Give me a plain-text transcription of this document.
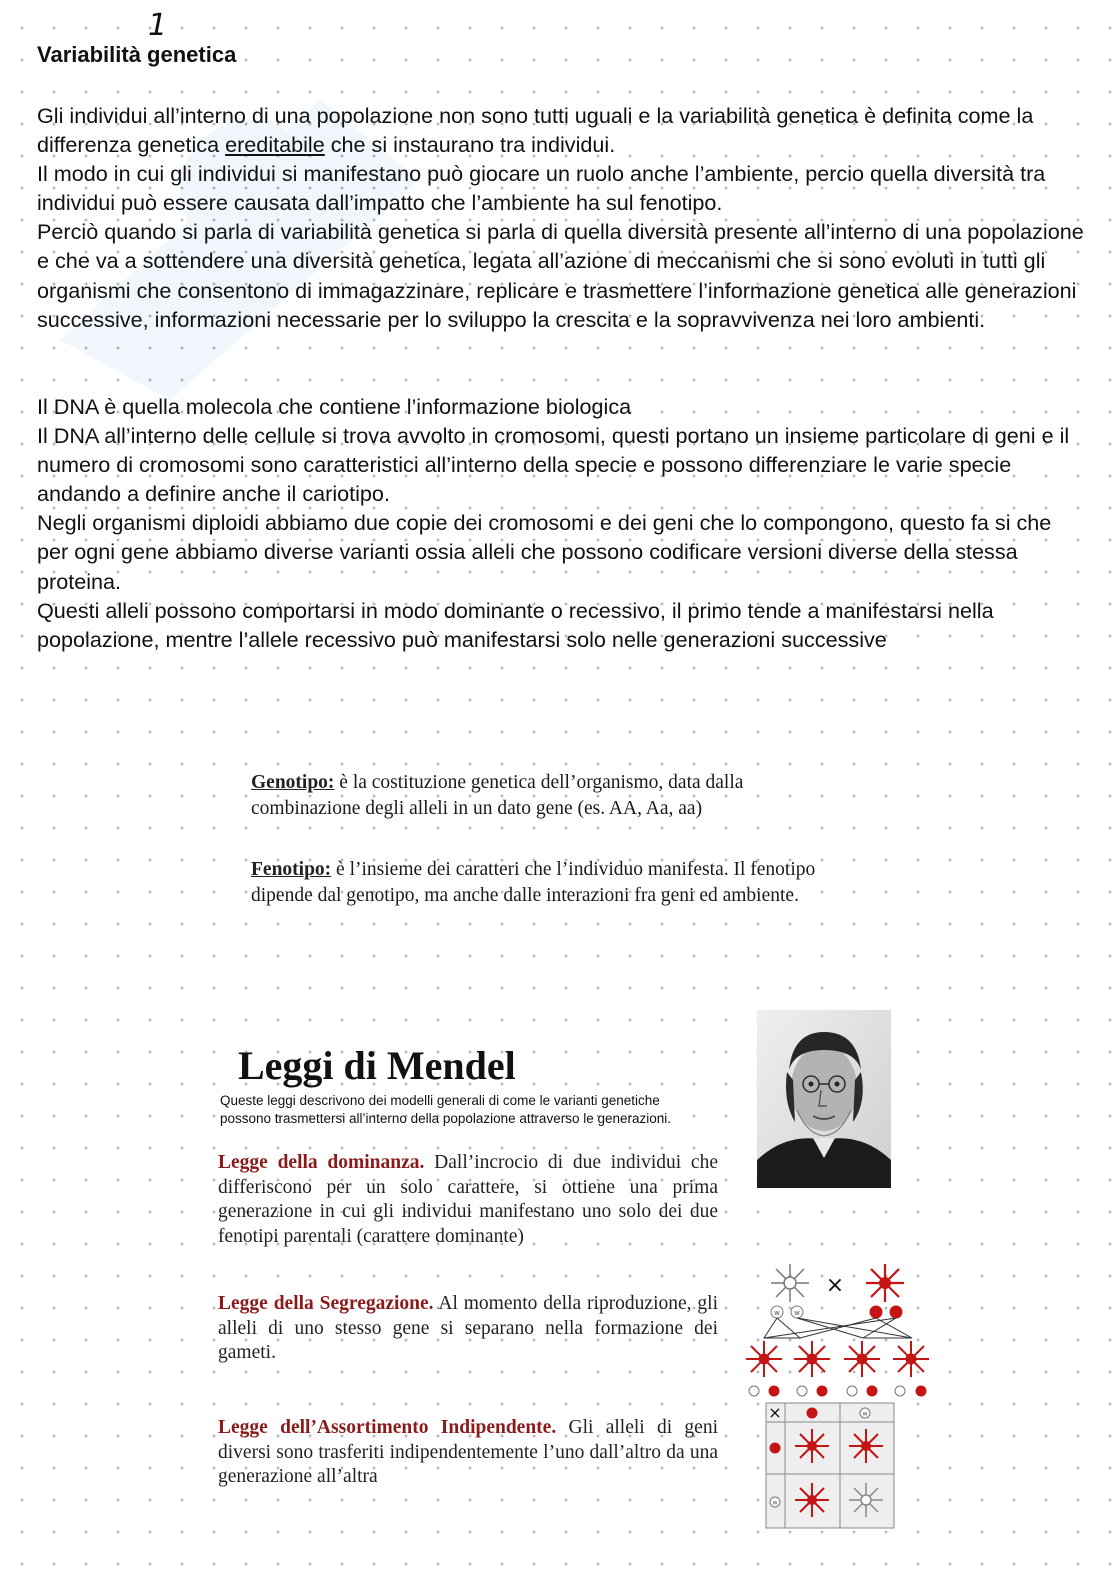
1
Variabilità genetica

Gli individui all’interno di una popolazione non sono tutti uguali e la variabilità genetica è definita come la differenza genetica ereditabile che si instaurano tra individui.

Il modo in cui gli individui si manifestano può giocare un ruolo anche l’ambiente, percio quella diversità tra individui può essere causata dall’impatto che l’ambiente ha sul fenotipo.

Perciò quando si parla di variabilità genetica si parla di quella diversità presente all’interno di una popolazione e che va a sottendere una diversità genetica, legata all’azione di meccanismi che si sono evoluti in tutti gli organismi che consentono di immagazzinare, replicare e trasmettere l’informazione genetica alle generazioni successive, informazioni necessarie per lo sviluppo la crescita e la sopravvivenza nei loro ambienti.

Il DNA è quella molecola che contiene l’informazione biologica

Il DNA all’interno delle cellule si trova avvolto in cromosomi, questi portano un insieme particolare di geni e il numero di cromosomi sono caratteristici all’interno della specie e possono differenziare le varie specie andando a definire anche il cariotipo.

Negli organismi diploidi abbiamo due copie dei cromosomi e dei geni che lo compongono, questo fa si che per ogni gene abbiamo diverse varianti ossia alleli che possono codificare versioni diverse della stessa proteina.

Questi alleli possono comportarsi in modo dominante o recessivo, il primo tende a manifestarsi nella popolazione, mentre l’allele recessivo può manifestarsi solo nelle generazioni successive

Genotipo: è la costituzione genetica dell’organismo, data dalla combinazione degli alleli in un dato gene (es. AA, Aa, aa)
Fenotipo: è l’insieme dei caratteri che l’individuo manifesta. Il fenotipo dipende dal genotipo, ma anche dalle interazioni fra geni ed ambiente.
Leggi di Mendel
Queste leggi descrivono dei modelli generali di come le varianti genetiche possono trasmettersi all’interno della popolazione attraverso le generazioni.
Legge della dominanza. Dall’incrocio di due individui che differiscono per un solo carattere, si ottiene una prima generazione in cui gli individui manifestano uno solo dei due fenotipi parentali (carattere dominante)
Legge della Segregazione. Al momento della riproduzione, gli alleli di uno stesso gene si separano nella formazione dei gameti.
Legge dell’Assortimento Indipendente. Gli alleli di geni diversi sono trasferiti indipendentemente l’uno dall’altro da una generazione all’altra
×
w w
×	w
w
